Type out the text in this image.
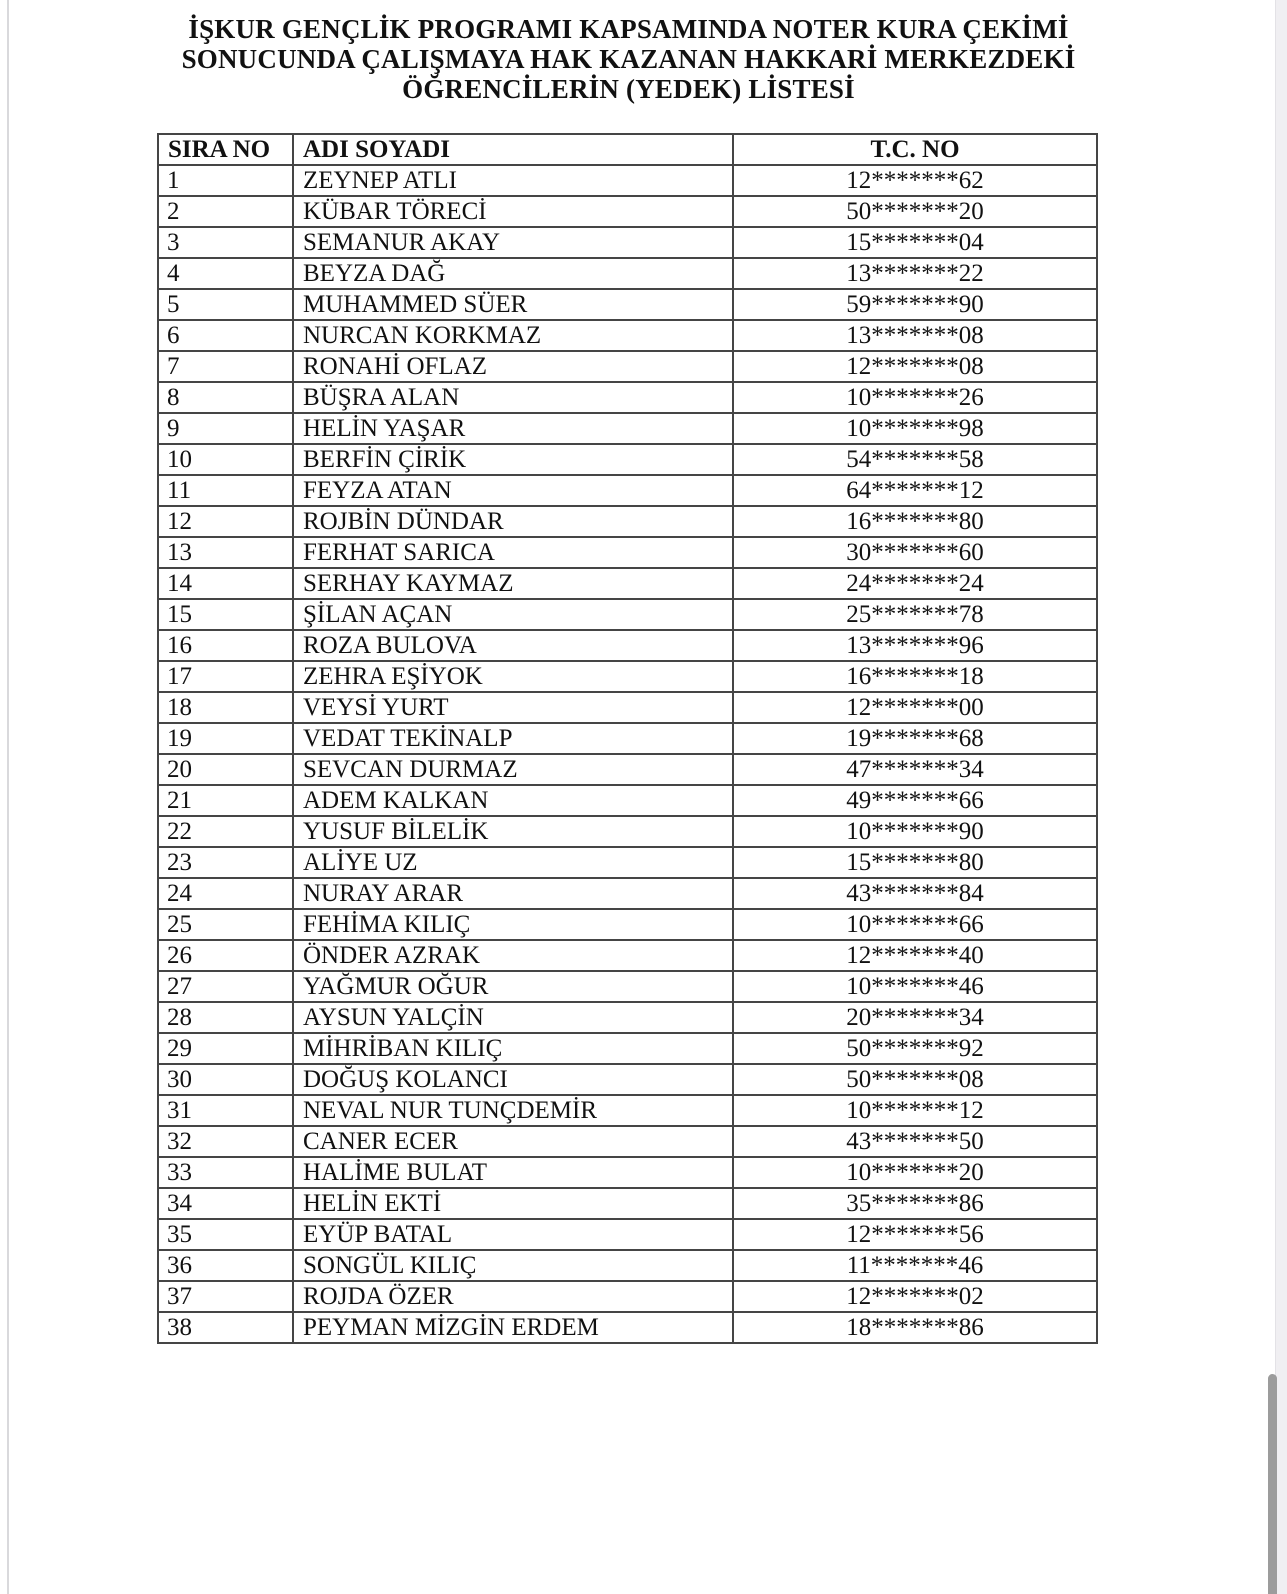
İŞKUR GENÇLİK PROGRAMI KAPSAMINDA NOTER KURA ÇEKİMİ
SONUCUNDA ÇALIŞMAYA HAK KAZANAN HAKKARİ MERKEZDEKİ
ÖĞRENCİLERİN (YEDEK) LİSTESİ
SIRA NO	ADI SOYADI	T.C. NO
1	ZEYNEP ATLI	12*******62
2	KÜBAR TÖRECİ	50*******20
3	SEMANUR AKAY	15*******04
4	BEYZA DAĞ	13*******22
5	MUHAMMED SÜER	59*******90
6	NURCAN KORKMAZ	13*******08
7	RONAHİ OFLAZ	12*******08
8	BÜŞRA ALAN	10*******26
9	HELİN YAŞAR	10*******98
10	BERFİN ÇİRİK	54*******58
11	FEYZA ATAN	64*******12
12	ROJBİN DÜNDAR	16*******80
13	FERHAT SARICA	30*******60
14	SERHAY KAYMAZ	24*******24
15	ŞİLAN AÇAN	25*******78
16	ROZA BULOVA	13*******96
17	ZEHRA EŞİYOK	16*******18
18	VEYSİ YURT	12*******00
19	VEDAT TEKİNALP	19*******68
20	SEVCAN DURMAZ	47*******34
21	ADEM KALKAN	49*******66
22	YUSUF BİLELİK	10*******90
23	ALİYE UZ	15*******80
24	NURAY ARAR	43*******84
25	FEHİMA KILIÇ	10*******66
26	ÖNDER AZRAK	12*******40
27	YAĞMUR OĞUR	10*******46
28	AYSUN YALÇİN	20*******34
29	MİHRİBAN KILIÇ	50*******92
30	DOĞUŞ KOLANCI	50*******08
31	NEVAL NUR TUNÇDEMİR	10*******12
32	CANER ECER	43*******50
33	HALİME BULAT	10*******20
34	HELİN EKTİ	35*******86
35	EYÜP BATAL	12*******56
36	SONGÜL KILIÇ	11*******46
37	ROJDA ÖZER	12*******02
38	PEYMAN MİZGİN ERDEM	18*******86
